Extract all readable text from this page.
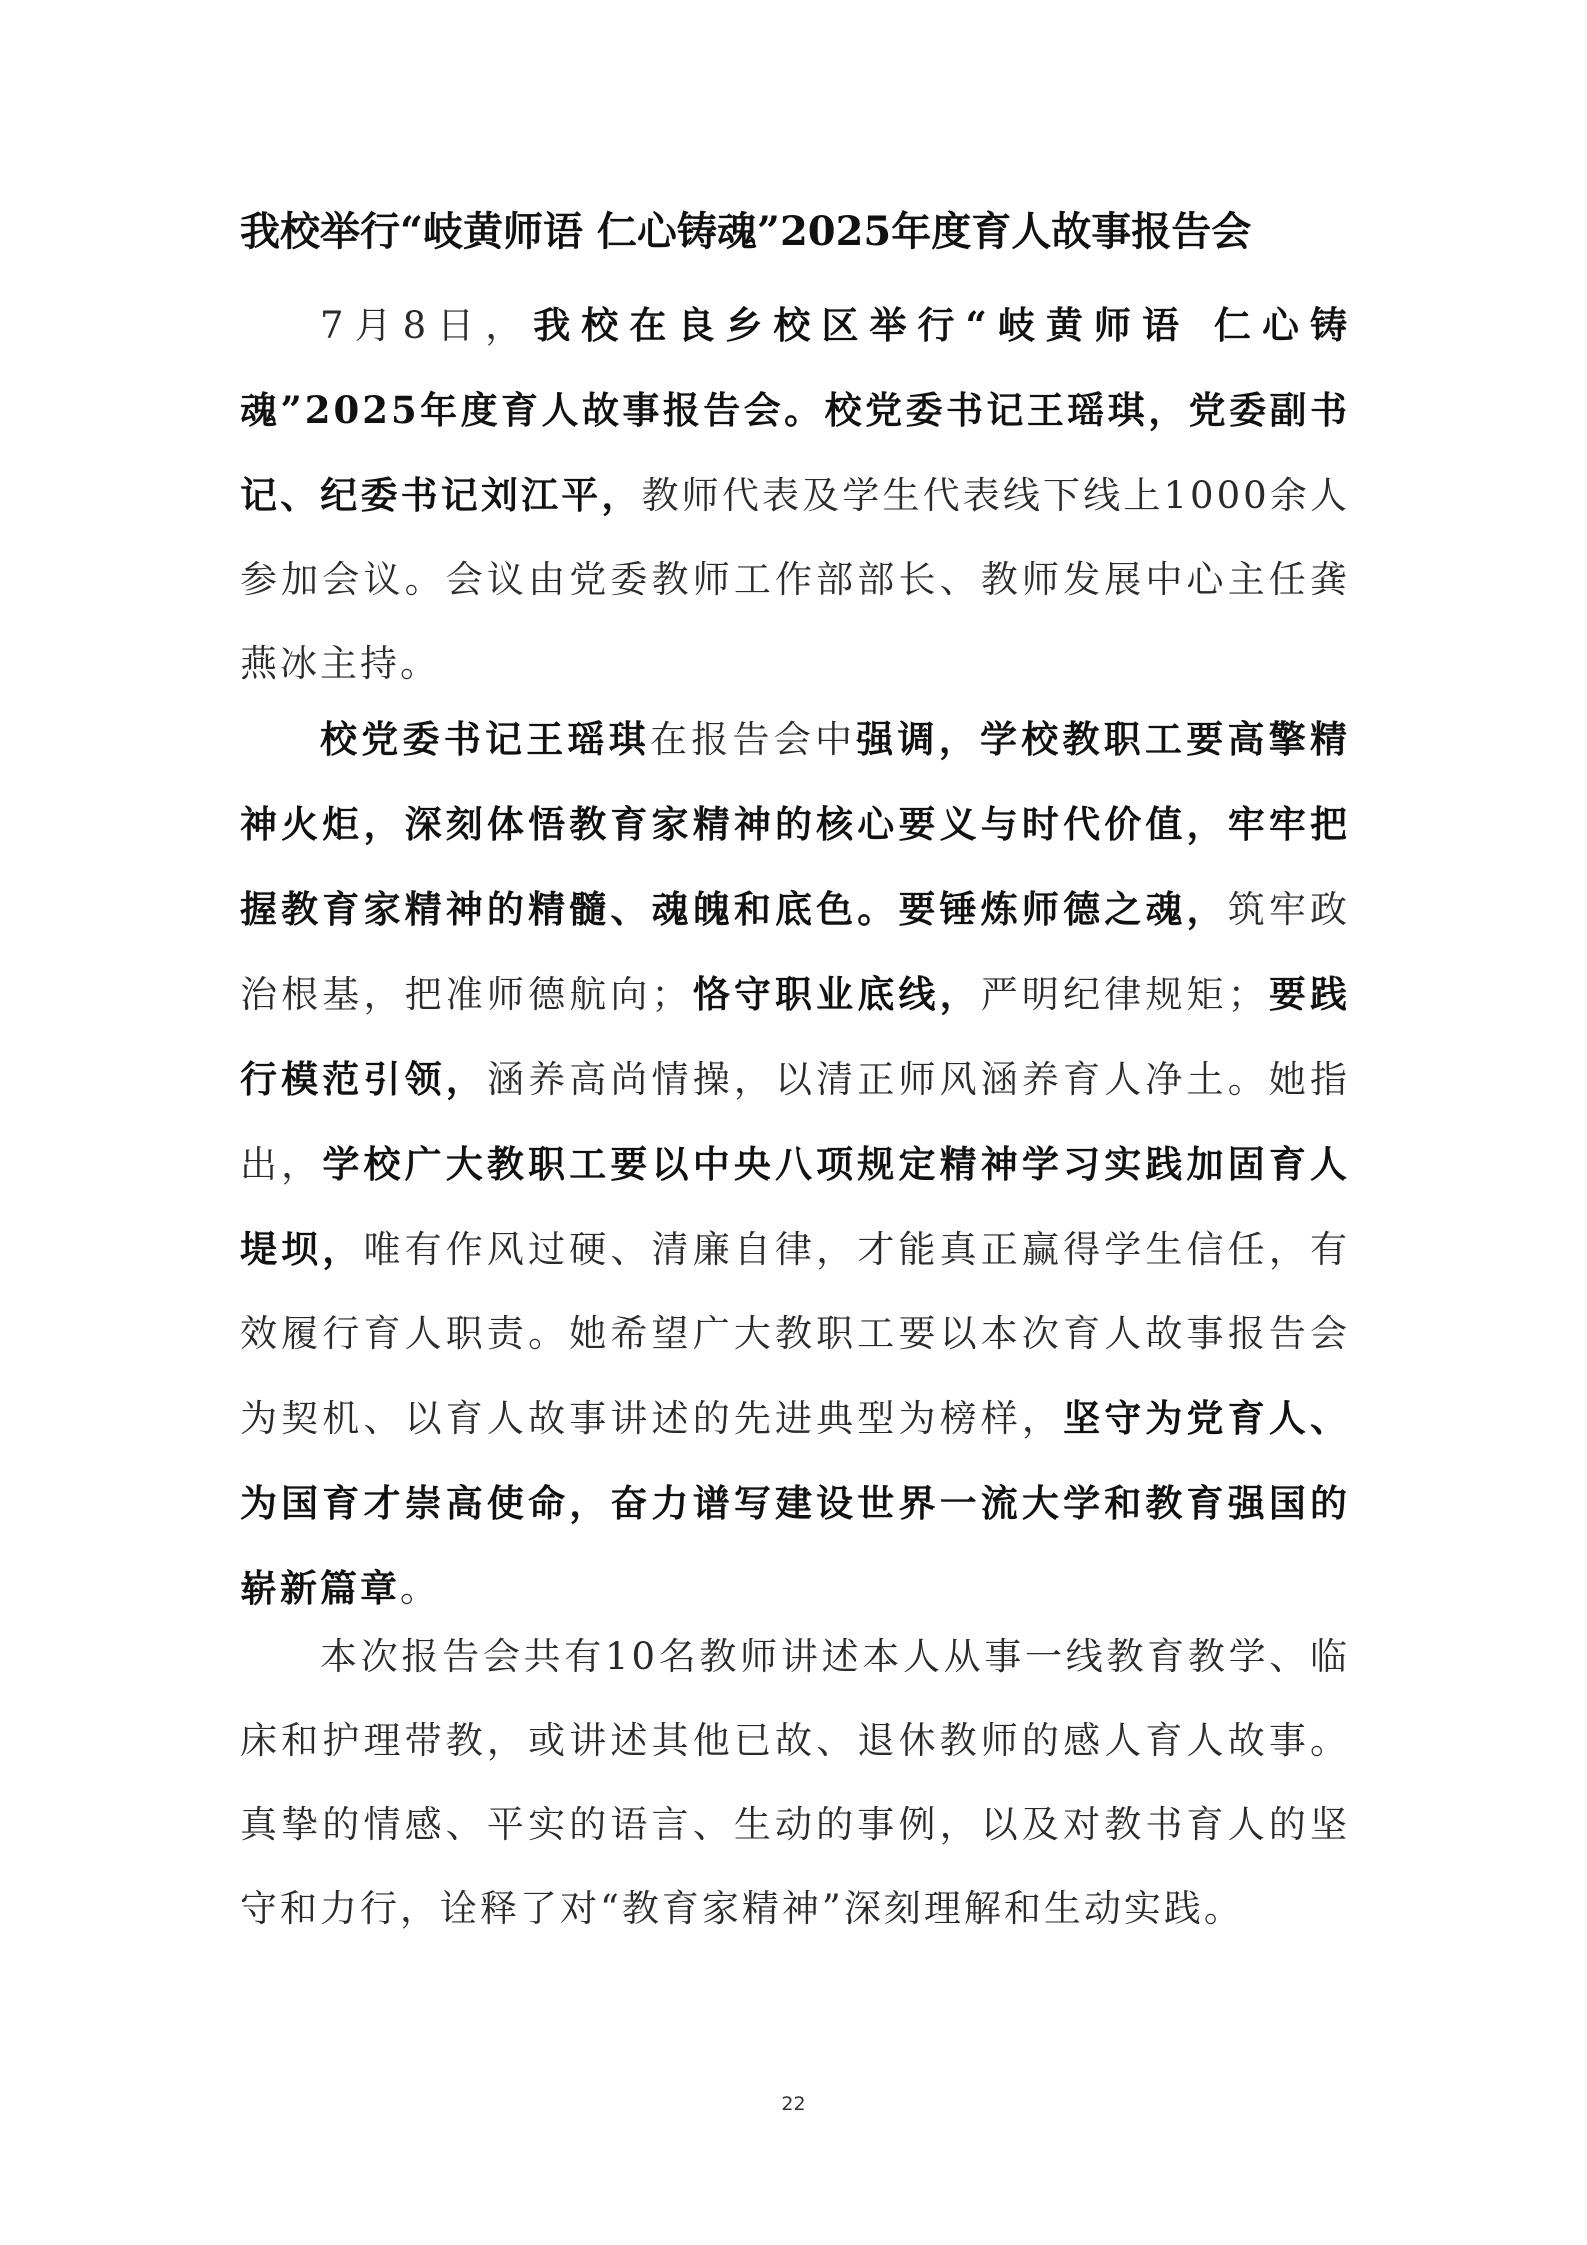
我校举行“岐黄师语 仁心铸魂”2025年度育人故事报告会

7月8日，我校在良乡校区举行“岐黄师语 仁心铸魂”2025年度育人故事报告会。校党委书记王瑶琪，党委副书记、纪委书记刘江平，教师代表及学生代表线下线上1000余人参加会议。会议由党委教师工作部部长、教师发展中心主任龚燕冰主持。

校党委书记王瑶琪在报告会中强调，学校教职工要高擎精神火炬，深刻体悟教育家精神的核心要义与时代价值，牢牢把握教育家精神的精髓、魂魄和底色。要锤炼师德之魂，筑牢政治根基，把准师德航向；恪守职业底线，严明纪律规矩；要践行模范引领，涵养高尚情操，以清正师风涵养育人净土。她指出，学校广大教职工要以中央八项规定精神学习实践加固育人堤坝，唯有作风过硬、清廉自律，才能真正赢得学生信任，有效履行育人职责。她希望广大教职工要以本次育人故事报告会为契机、以育人故事讲述的先进典型为榜样，坚守为党育人、为国育才崇高使命，奋力谱写建设世界一流大学和教育强国的崭新篇章。

本次报告会共有10名教师讲述本人从事一线教育教学、临床和护理带教，或讲述其他已故、退休教师的感人育人故事。真挚的情感、平实的语言、生动的事例，以及对教书育人的坚守和力行，诠释了对“教育家精神”深刻理解和生动实践。

22
